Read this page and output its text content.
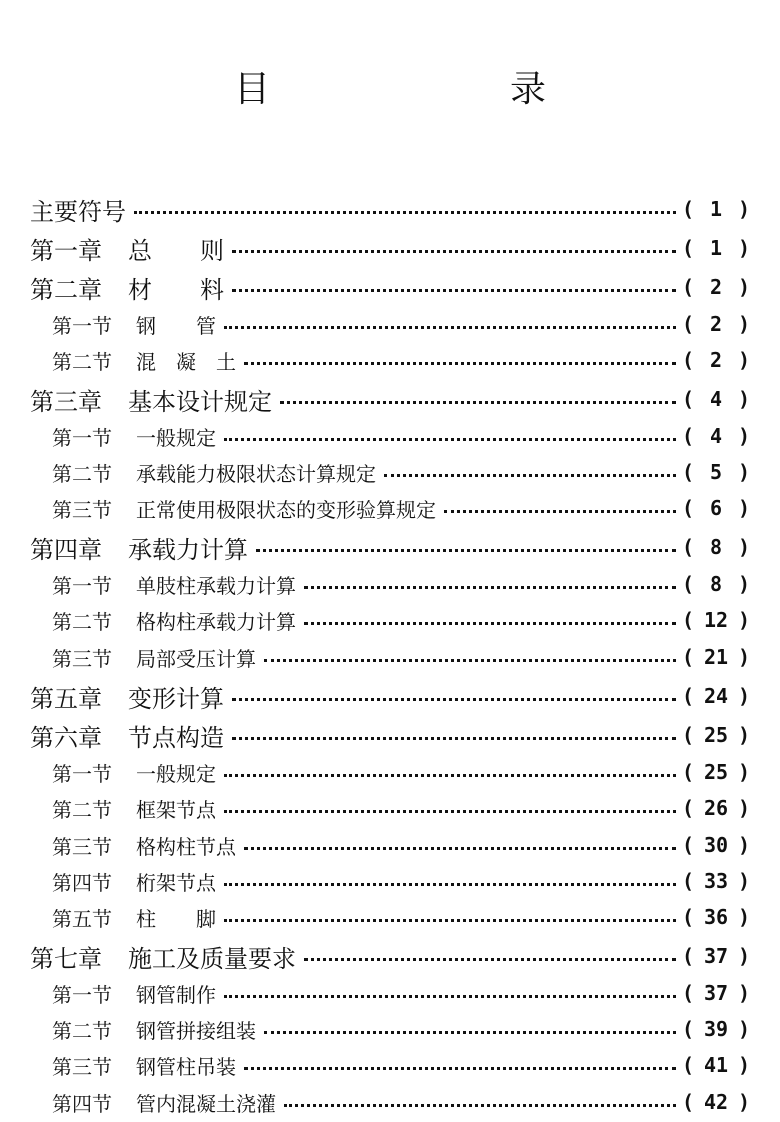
目　　录
主要符号	( 1 )
第一章 总　　则	( 1 )
第二章 材　　料	( 2 )
第一节 钢　　管	( 2 )
第二节 混　凝　土	( 2 )
第三章 基本设计规定	( 4 )
第一节 一般规定	( 4 )
第二节 承载能力极限状态计算规定	( 5 )
第三节 正常使用极限状态的变形验算规定	( 6 )
第四章 承载力计算	( 8 )
第一节 单肢柱承载力计算	( 8 )
第二节 格构柱承载力计算	( 12 )
第三节 局部受压计算	( 21 )
第五章 变形计算	( 24 )
第六章 节点构造	( 25 )
第一节 一般规定	( 25 )
第二节 框架节点	( 26 )
第三节 格构柱节点	( 30 )
第四节 桁架节点	( 33 )
第五节 柱　　脚	( 36 )
第七章 施工及质量要求	( 37 )
第一节 钢管制作	( 37 )
第二节 钢管拼接组装	( 39 )
第三节 钢管柱吊装	( 41 )
第四节 管内混凝土浇灌	( 42 )
